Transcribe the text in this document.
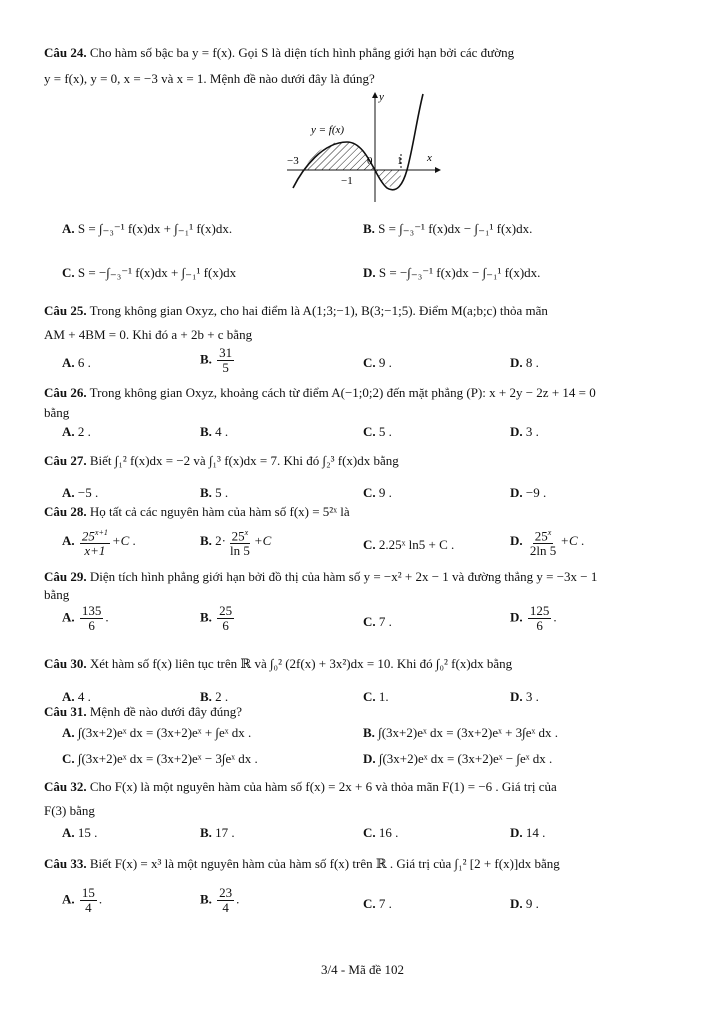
Câu 24. Cho hàm số bậc ba y = f(x). Gọi S là diện tích hình phẳng giới hạn bởi các đường
y = f(x), y = 0, x = −3 và x = 1. Mệnh đề nào dưới đây là đúng?
y
x
y = f(x)
−3	0 1
−1
A. S = ∫₋₃⁻¹ f(x)dx + ∫₋₁¹ f(x)dx.	B. S = ∫₋₃⁻¹ f(x)dx − ∫₋₁¹ f(x)dx.
C. S = −∫₋₃⁻¹ f(x)dx + ∫₋₁¹ f(x)dx	D. S = −∫₋₃⁻¹ f(x)dx − ∫₋₁¹ f(x)dx.
Câu 25. Trong không gian Oxyz, cho hai điểm là A(1;3;−1), B(3;−1;5). Điểm M(a;b;c) thỏa mãn
AM + 4BM = 0. Khi đó a + 2b + c bằng
A. 6 .	B. $\frac{31}{5}$	C. 9 .	D. 8 .
Câu 26. Trong không gian Oxyz, khoảng cách từ điểm A(−1;0;2) đến mặt phẳng (P): x + 2y − 2z + 14 = 0
bằng
A. 2 .	B. 4 .	C. 5 .	D. 3 .
Câu 27. Biết ∫₁² f(x)dx = −2 và ∫₁³ f(x)dx = 7. Khi đó ∫₂³ f(x)dx bằng
A. −5 .	B. 5 .	C. 9 .	D. −9 .
Câu 28. Họ tất cả các nguyên hàm của hàm số f(x) = 5²ˣ là
A. $\frac{25^{x+1}}{x+1} +C$ .	B. $2\cdot \frac{25^x}{\ln 5} +C$	C. 2.25ˣ ln5 + C .	D. $\frac{25^x}{2\ln 5} +C$ .
Câu 29. Diện tích hình phẳng giới hạn bởi đồ thị của hàm số y = −x² + 2x − 1 và đường thẳng y = −3x − 1
bằng
A. $\frac{135}{6}$ .	B. $\frac{25}{6}$	C. 7 .	D. $\frac{125}{6}$ .
Câu 30. Xét hàm số f(x) liên tục trên ℝ và ∫₀² (2f(x) + 3x²)dx = 10. Khi đó ∫₀² f(x)dx bằng
A. 4 .	B. 2 .	C. 1.	D. 3 .
Câu 31. Mệnh đề nào dưới đây đúng?
A. ∫(3x+2)eˣ dx = (3x+2)eˣ + ∫eˣ dx .	B. ∫(3x+2)eˣ dx = (3x+2)eˣ + 3∫eˣ dx .
C. ∫(3x+2)eˣ dx = (3x+2)eˣ − 3∫eˣ dx .	D. ∫(3x+2)eˣ dx = (3x+2)eˣ − ∫eˣ dx .
Câu 32. Cho F(x) là một nguyên hàm của hàm số f(x) = 2x + 6 và thỏa mãn F(1) = −6 . Giá trị của
F(3) bằng
A. 15 .	B. 17 .	C. 16 .	D. 14 .
Câu 33. Biết F(x) = x³ là một nguyên hàm của hàm số f(x) trên ℝ . Giá trị của ∫₁² [2 + f(x)]dx bằng
A. $\frac{15}{4}$ .	B. $\frac{23}{4}$ .	C. 7 .	D. 9 .
3/4 - Mã đề 102
